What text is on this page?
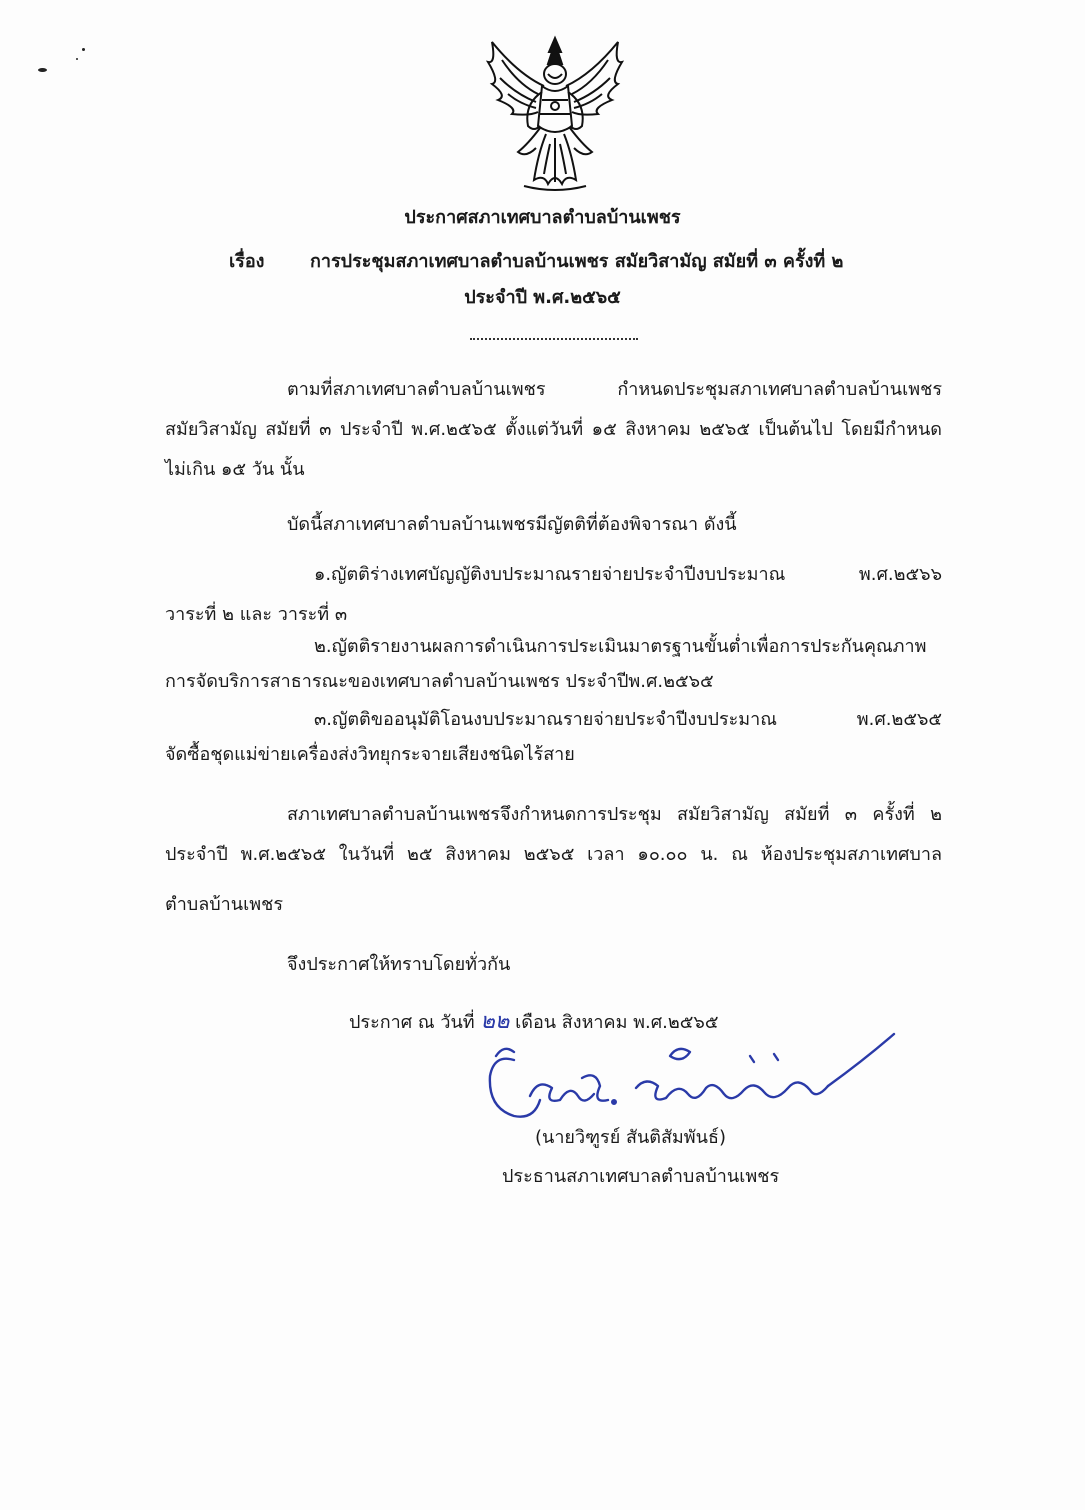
ประกาศสภาเทศบาลตำบลบ้านเพชร
เรื่อง	การประชุมสภาเทศบาลตำบลบ้านเพชร สมัยวิสามัญ สมัยที่ ๓ ครั้งที่ ๒
ประจำปี พ.ศ.๒๕๖๕
ตามที่สภาเทศบาลตำบลบ้านเพชร กำหนดประชุมสภาเทศบาลตำบลบ้านเพชร
สมัยวิสามัญ สมัยที่ ๓ ประจำปี พ.ศ.๒๕๖๕ ตั้งแต่วันที่ ๑๕ สิงหาคม ๒๕๖๕ เป็นต้นไป โดยมีกำหนด
ไม่เกิน ๑๕ วัน นั้น
บัดนี้สภาเทศบาลตำบลบ้านเพชรมีญัตติที่ต้องพิจารณา ดังนี้
๑.ญัตติร่างเทศบัญญัติงบประมาณรายจ่ายประจำปีงบประมาณ พ.ศ.๒๕๖๖
วาระที่ ๒ และ วาระที่ ๓
๒.ญัตติรายงานผลการดำเนินการประเมินมาตรฐานขั้นต่ำเพื่อการประกันคุณภาพ
การจัดบริการสาธารณะของเทศบาลตำบลบ้านเพชร ประจำปีพ.ศ.๒๕๖๕
๓.ญัตติขออนุมัติโอนงบประมาณรายจ่ายประจำปีงบประมาณ พ.ศ.๒๕๖๕
จัดซื้อชุดแม่ข่ายเครื่องส่งวิทยุกระจายเสียงชนิดไร้สาย
สภาเทศบาลตำบลบ้านเพชรจึงกำหนดการประชุม สมัยวิสามัญ สมัยที่ ๓ ครั้งที่ ๒
ประจำปี พ.ศ.๒๕๖๕ ในวันที่ ๒๕ สิงหาคม ๒๕๖๕ เวลา ๑๐.๐๐ น. ณ ห้องประชุมสภาเทศบาล
ตำบลบ้านเพชร
จึงประกาศให้ทราบโดยทั่วกัน
ประกาศ ณ วันที่ ๒๒ เดือน สิงหาคม พ.ศ.๒๕๖๕
(นายวิฑูรย์ สันติสัมพันธ์)
ประธานสภาเทศบาลตำบลบ้านเพชร
